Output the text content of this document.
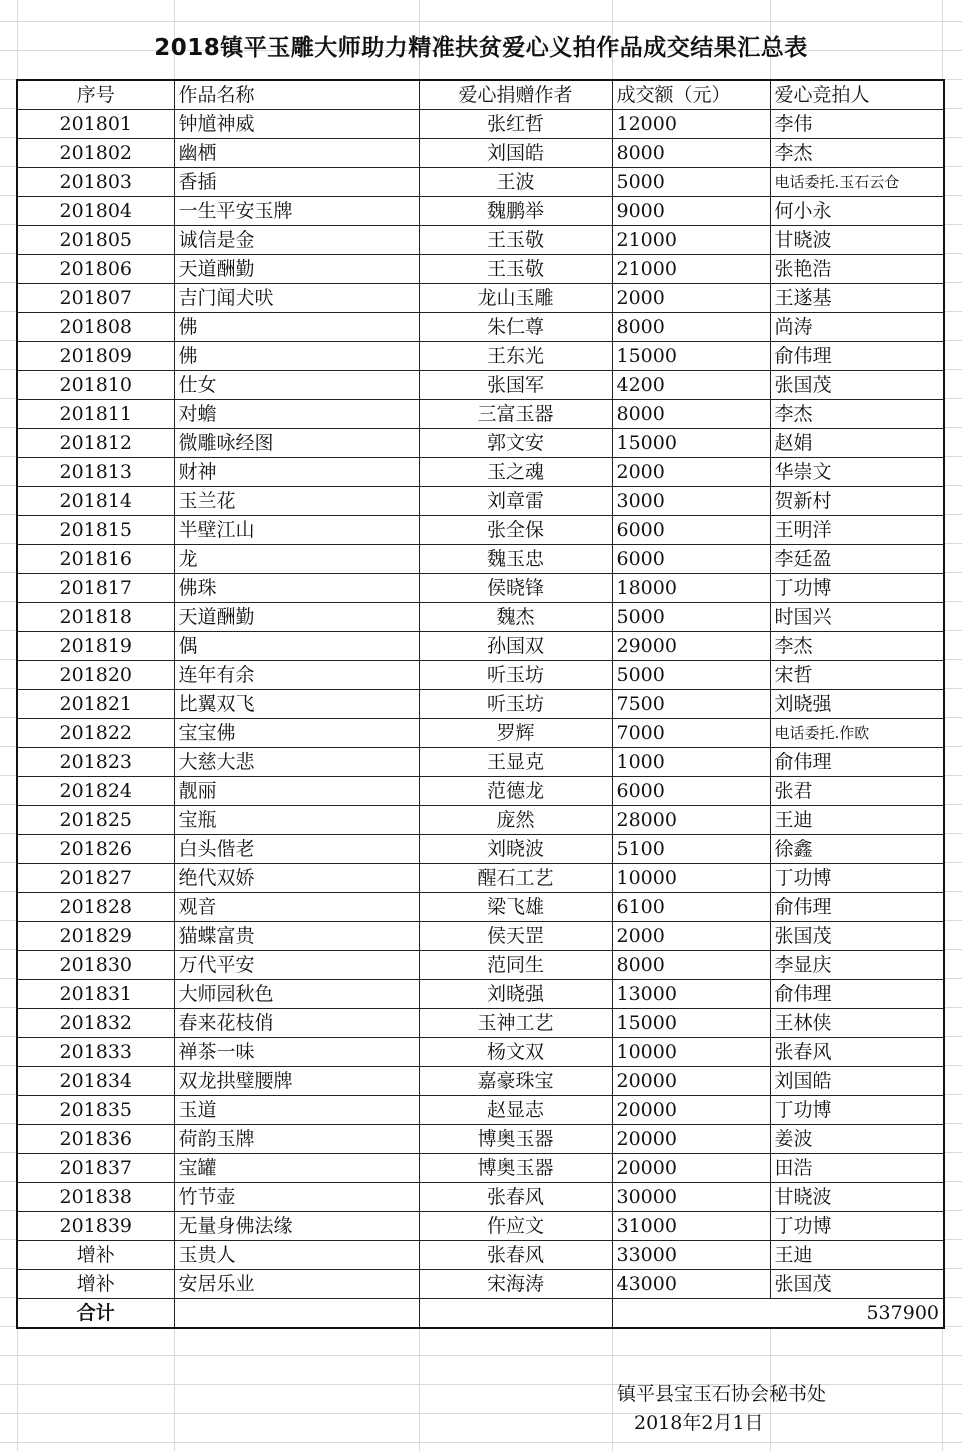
2018镇平玉雕大师助力精准扶贫爱心义拍作品成交结果汇总表
序号	作品名称	爱心捐赠作者	成交额（元）	爱心竞拍人
201801	钟馗神威	张红哲	12000	李伟
201802	幽栖	刘国皓	8000	李杰
201803	香插	王波	5000	电话委托.玉石云仓
201804	一生平安玉牌	魏鹏举	9000	何小永
201805	诚信是金	王玉敬	21000	甘晓波
201806	天道酬勤	王玉敬	21000	张艳浩
201807	吉门闻犬吠	龙山玉雕	2000	王遂基
201808	佛	朱仁尊	8000	尚涛
201809	佛	王东光	15000	俞伟理
201810	仕女	张国军	4200	张国茂
201811	对蟾	三富玉器	8000	李杰
201812	微雕咏经图	郭文安	15000	赵娟
201813	财神	玉之魂	2000	华崇文
201814	玉兰花	刘章雷	3000	贺新村
201815	半壁江山	张全保	6000	王明洋
201816	龙	魏玉忠	6000	李廷盈
201817	佛珠	侯晓锋	18000	丁功博
201818	天道酬勤	魏杰	5000	时国兴
201819	偶	孙国双	29000	李杰
201820	连年有余	听玉坊	5000	宋哲
201821	比翼双飞	听玉坊	7500	刘晓强
201822	宝宝佛	罗辉	7000	电话委托.作欧
201823	大慈大悲	王显克	1000	俞伟理
201824	靓丽	范德龙	6000	张君
201825	宝瓶	庞然	28000	王迪
201826	白头偕老	刘晓波	5100	徐鑫
201827	绝代双娇	醒石工艺	10000	丁功博
201828	观音	梁飞雄	6100	俞伟理
201829	猫蝶富贵	侯天罡	2000	张国茂
201830	万代平安	范同生	8000	李显庆
201831	大师园秋色	刘晓强	13000	俞伟理
201832	春来花枝俏	玉神工艺	15000	王林侠
201833	禅茶一味	杨文双	10000	张春风
201834	双龙拱璧腰牌	嘉豪珠宝	20000	刘国皓
201835	玉道	赵显志	20000	丁功博
201836	荷韵玉牌	博奥玉器	20000	姜波
201837	宝罐	博奥玉器	20000	田浩
201838	竹节壶	张春风	30000	甘晓波
201839	无量身佛法缘	仵应文	31000	丁功博
增补	玉贵人	张春风	33000	王迪
增补	安居乐业	宋海涛	43000	张国茂
合计			537900	
镇平县宝玉石协会秘书处
2018年2月1日
